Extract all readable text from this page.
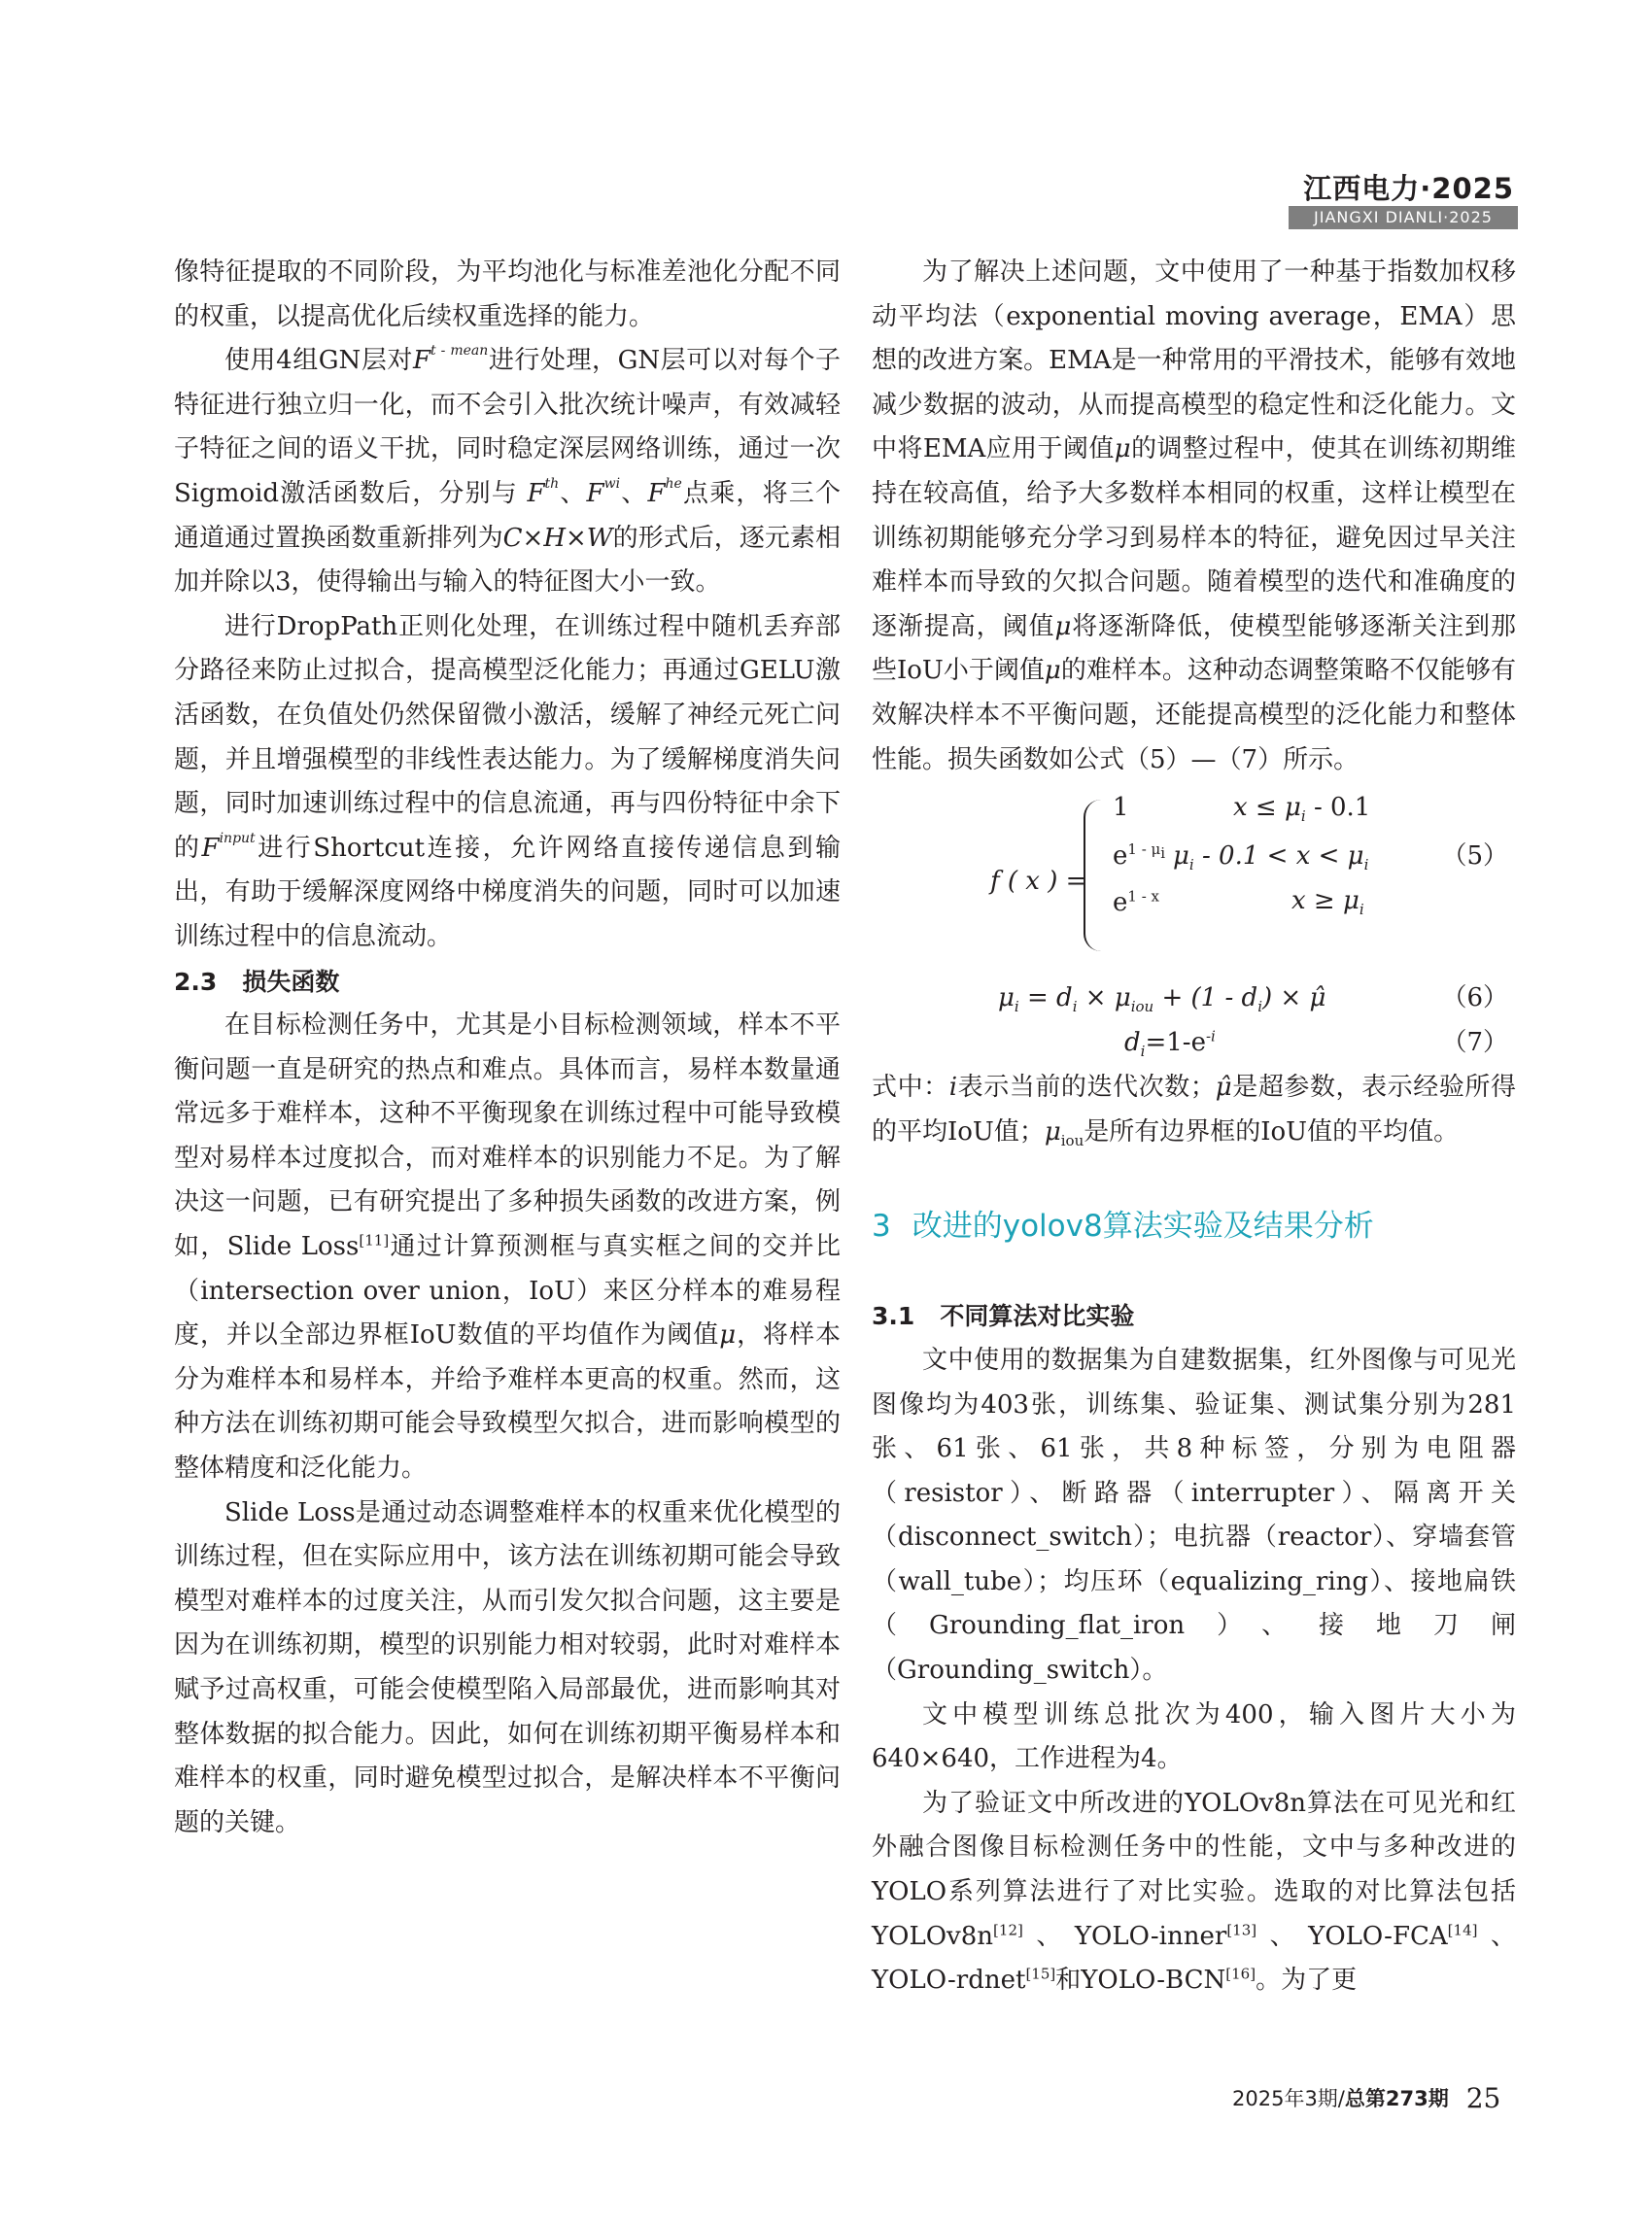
江西电力·2025
JIANGXI DIANLI·2025

像特征提取的不同阶段，为平均池化与标准差池化分配不同的权重，以提高优化后续权重选择的能力。

使用4组GN层对$F^{t - mean}$进行处理，GN层可以对每个子特征进行独立归一化，而不会引入批次统计噪声，有效减轻子特征之间的语义干扰，同时稳定深层网络训练，通过一次Sigmoid激活函数后，分别与 $F^{th}$、$F^{wi}$、$F^{he}$点乘，将三个通道通过置换函数重新排列为C×H×W的形式后，逐元素相加并除以3，使得输出与输入的特征图大小一致。

进行DropPath正则化处理，在训练过程中随机丢弃部分路径来防止过拟合，提高模型泛化能力；再通过GELU激活函数，在负值处仍然保留微小激活，缓解了神经元死亡问题，并且增强模型的非线性表达能力。为了缓解梯度消失问题，同时加速训练过程中的信息流通，再与四份特征中余下的$F^{input}$进行Shortcut连接，允许网络直接传递信息到输出，有助于缓解深度网络中梯度消失的问题，同时可以加速训练过程中的信息流动。

2.3 损失函数

在目标检测任务中，尤其是小目标检测领域，样本不平衡问题一直是研究的热点和难点。具体而言，易样本数量通常远多于难样本，这种不平衡现象在训练过程中可能导致模型对易样本过度拟合，而对难样本的识别能力不足。为了解决这一问题，已有研究提出了多种损失函数的改进方案，例如，Slide Loss[11]通过计算预测框与真实框之间的交并比（intersection over union，IoU）来区分样本的难易程度，并以全部边界框IoU数值的平均值作为阈值μ，将样本分为难样本和易样本，并给予难样本更高的权重。然而，这种方法在训练初期可能会导致模型欠拟合，进而影响模型的整体精度和泛化能力。

Slide Loss是通过动态调整难样本的权重来优化模型的训练过程，但在实际应用中，该方法在训练初期可能会导致模型对难样本的过度关注，从而引发欠拟合问题，这主要是因为在训练初期，模型的识别能力相对较弱，此时对难样本赋予过高权重，可能会使模型陷入局部最优，进而影响其对整体数据的拟合能力。因此，如何在训练初期平衡易样本和难样本的权重，同时避免模型过拟合，是解决样本不平衡问题的关键。

为了解决上述问题，文中使用了一种基于指数加权移动平均法（exponential moving average，EMA）思想的改进方案。EMA是一种常用的平滑技术，能够有效地减少数据的波动，从而提高模型的稳定性和泛化能力。文中将EMA应用于阈值μ的调整过程中，使其在训练初期维持在较高值，给予大多数样本相同的权重，这样让模型在训练初期能够充分学习到易样本的特征，避免因过早关注难样本而导致的欠拟合问题。随着模型的迭代和准确度的逐渐提高，阈值μ将逐渐降低，使模型能够逐渐关注到那些IoU小于阈值μ的难样本。这种动态调整策略不仅能够有效解决样本不平衡问题，还能提高模型的泛化能力和整体性能。损失函数如公式（5）—（7）所示。

f ( x ) =
1	$x \le \mu_i - 0.1$
$e^{1 - \mu_i}$ $\mu_i - 0.1 < x < \mu_i$
$e^{1 - x}$	$x \ge \mu_i$
（5）
$\mu_i = d_i \times \mu_{iou} + (1 - d_i)$ × μ̂	（6）
$d_i=1-e^{-i}$	（7）

式中：i表示当前的迭代次数；μ̂是超参数，表示经验所得的平均IoU值；$\mu_{iou}$是所有边界框的IoU值的平均值。

3 改进的yolov8算法实验及结果分析
3.1 不同算法对比实验

文中使用的数据集为自建数据集，红外图像与可见光图像均为403张，训练集、验证集、测试集分别为281张、61张、61张，共8种标签，分别为电阻器（resistor）、断路器（interrupter）、隔离开关（disconnect_switch）；电抗器（reactor）、穿墙套管（wall_tube）；均压环（equalizing_ring）、接地扁铁（Grounding_flat_iron）、接地刀闸（Grounding_switch）。

文中模型训练总批次为400，输入图片大小为640×640，工作进程为4。

为了验证文中所改进的YOLOv8n算法在可见光和红外融合图像目标检测任务中的性能，文中与多种改进的YOLO系列算法进行了对比实验。选取的对比算法包括YOLOv8n[12]、YOLO-inner[13]、YOLO-FCA[14]、YOLO-rdnet[15]和YOLO-BCN[16]。为了更

2025年3期/总第273期 25
